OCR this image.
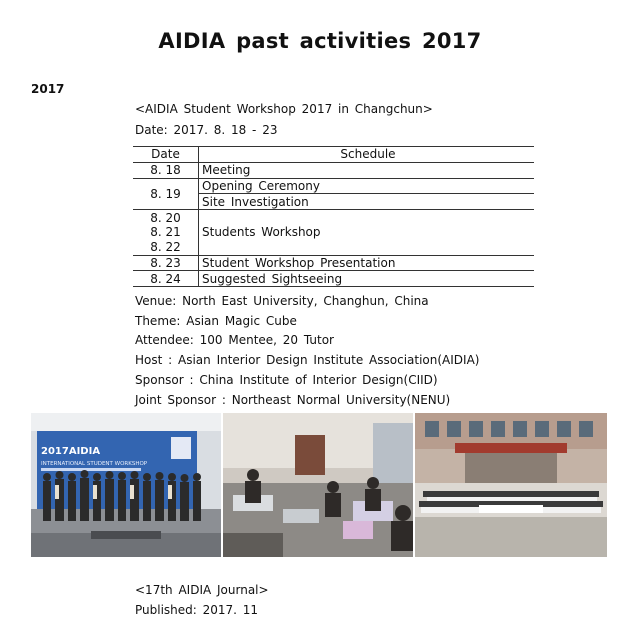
AIDIA past activities 2017
2017
<AIDIA Student Workshop 2017 in Changchun>
Date: 2017. 8. 18 - 23
Date	Schedule
8. 18	Meeting
8. 19	Opening Ceremony
	Site Investigation
8. 20	Students Workshop
8. 21	
8. 22	
8. 23	Student Workshop Presentation
8. 24	Suggested Sightseeing
Venue: North East University, Changhun, China
Theme: Asian Magic Cube
Attendee: 100 Mentee, 20 Tutor
Host : Asian Interior Design Institute Association(AIDIA)
Sponsor : China Institute of Interior Design(CIID)
Joint Sponsor : Northeast Normal University(NENU)
2017AIDIA
INTERNATIONAL STUDENT WORKSHOP
<17th AIDIA Journal>
Published: 2017. 11
